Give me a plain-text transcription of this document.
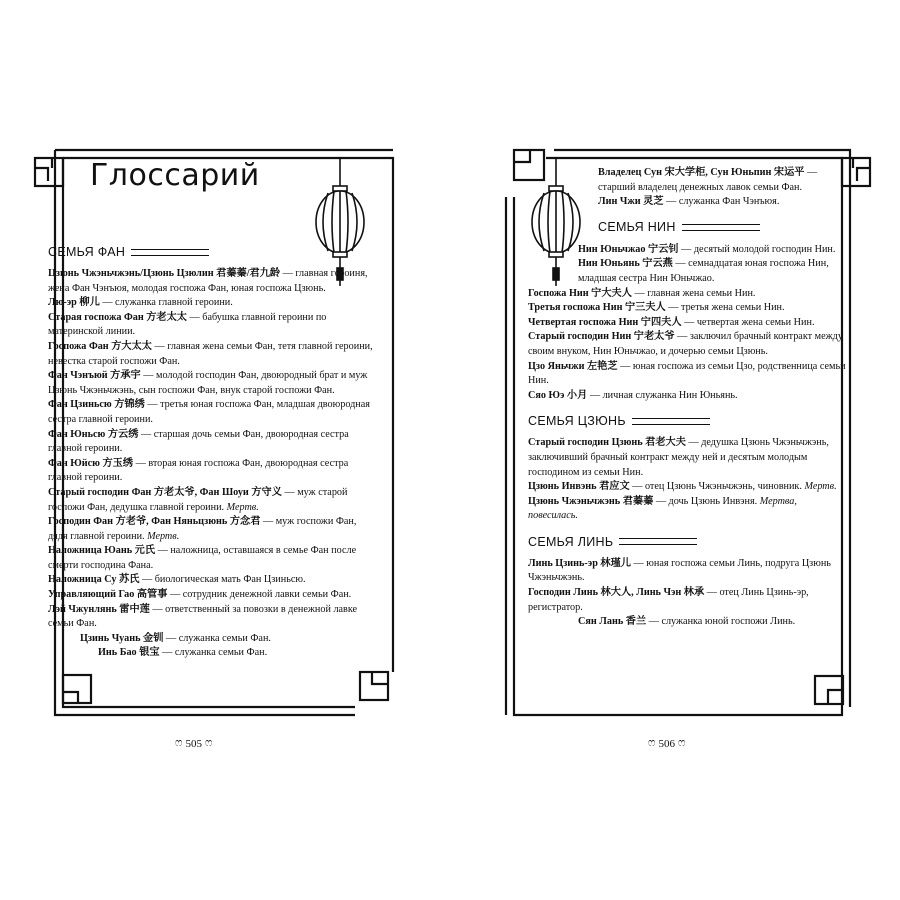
Глоссарий
СЕМЬЯ ФАН

Цзюнь Чжэньчжэнь/Цзюнь Цзюлин 君蓁蓁/君九龄 — главная героиня, жена Фан Чэнъюя, молодая госпожа Фан, юная госпожа Цзюнь.

Лю-эр 柳儿 — служанка главной героини.

Старая госпожа Фан 方老太太 — бабушка главной героини по материнской линии.

Госпожа Фан 方大太太 — главная жена семьи Фан, тетя главной героини, невестка старой госпожи Фан.

Фан Чэнъюй 方承宇 — молодой господин Фан, двоюродный брат и муж Цзюнь Чжэньчжэнь, сын госпожи Фан, внук старой госпожи Фан.

Фан Цзиньсю 方锦绣 — третья юная госпожа Фан, младшая двоюродная сестра главной героини.

Фан Юньсю 方云绣 — старшая дочь семьи Фан, двоюродная сестра главной героини.

Фан Юйсю 方玉绣 — вторая юная госпожа Фан, двоюродная сестра главной героини.

Старый господин Фан 方老太爷, Фан Шоуи 方守义 — муж старой госпожи Фан, дедушка главной героини. Мертв.

Господин Фан 方老爷, Фан Няньцзюнь 方念君 — муж госпожи Фан, дядя главной героини. Мертв.

Наложница Юань 元氏 — наложница, оставшаяся в семье Фан после смерти господина Фана.

Наложница Су 苏氏 — биологическая мать Фан Цзиньсю.

Управляющий Гао 高管事 — сотрудник денежной лавки семьи Фан.

Лэй Чжунлянь 雷中莲 — ответственный за повозки в денежной лавке семьи Фан.

Цзинь Чуань 金钏 — служанка семьи Фан.

Инь Бао 银宝 — служанка семьи Фан.

ෆ 505 ෆ

Владелец Сун 宋大学柜, Сун Юньпин 宋运平 — старший владелец денежных лавок семьи Фан.

Лин Чжи 灵芝 — служанка Фан Чэнъюя.

СЕМЬЯ НИН

Нин Юньчжао 宁云钊 — десятый молодой господин Нин.

Нин Юньянь 宁云燕 — семнадцатая юная госпожа Нин, младшая сестра Нин Юньчжао.

Госпожа Нин 宁大夫人 — главная жена семьи Нин.

Третья госпожа Нин 宁三夫人 — третья жена семьи Нин.

Четвертая госпожа Нин 宁四夫人 — четвертая жена семьи Нин.

Старый господин Нин 宁老太爷 — заключил брачный контракт между своим внуком, Нин Юньчжао, и дочерью семьи Цзюнь.

Цзо Яньчжи 左艳芝 — юная госпожа из семьи Цзо, родственница семьи Нин.

Сяо Юэ 小月 — личная служанка Нин Юньянь.

СЕМЬЯ ЦЗЮНЬ

Старый господин Цзюнь 君老大夫 — дедушка Цзюнь Чжэньчжэнь, заключивший брачный контракт между ней и десятым молодым господином из семьи Нин.

Цзюнь Инвэнь 君应文 — отец Цзюнь Чжэньчжэнь, чиновник. Мертв.

Цзюнь Чжэньчжэнь 君蓁蓁 — дочь Цзюнь Инвэня. Мертва, повесилась.

СЕМЬЯ ЛИНЬ

Линь Цзинь-эр 林瑾儿 — юная госпожа семьи Линь, подруга Цзюнь Чжэньчжэнь.

Господин Линь 林大人, Линь Чэн 林承 — отец Линь Цзинь-эр, регистратор.

Сян Лань 香兰 — служанка юной госпожи Линь.

ෆ 506 ෆ
